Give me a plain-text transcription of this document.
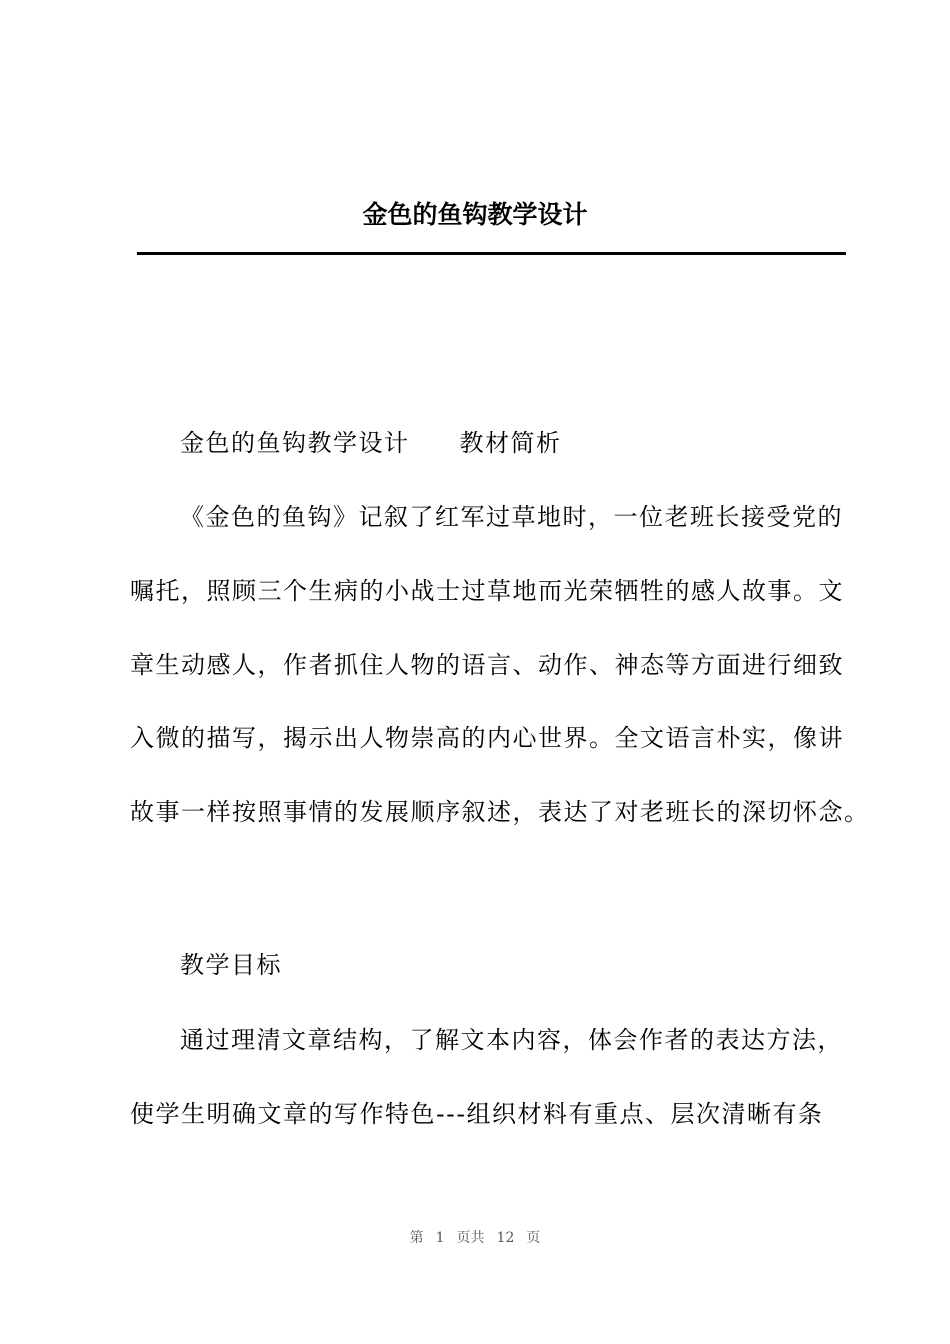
金色的鱼钩教学设计
金色的鱼钩教学设计 教材简析
《金色的鱼钩》记叙了红军过草地时，一位老班长接受党的
嘱托，照顾三个生病的小战士过草地而光荣牺牲的感人故事。文
章生动感人，作者抓住人物的语言、动作、神态等方面进行细致
入微的描写，揭示出人物崇高的内心世界。全文语言朴实，像讲
故事一样按照事情的发展顺序叙述，表达了对老班长的深切怀念。
教学目标
通过理清文章结构，了解文本内容，体会作者的表达方法，
使学生明确文章的写作特色---组织材料有重点、层次清晰有条
第 1 页共 12 页
